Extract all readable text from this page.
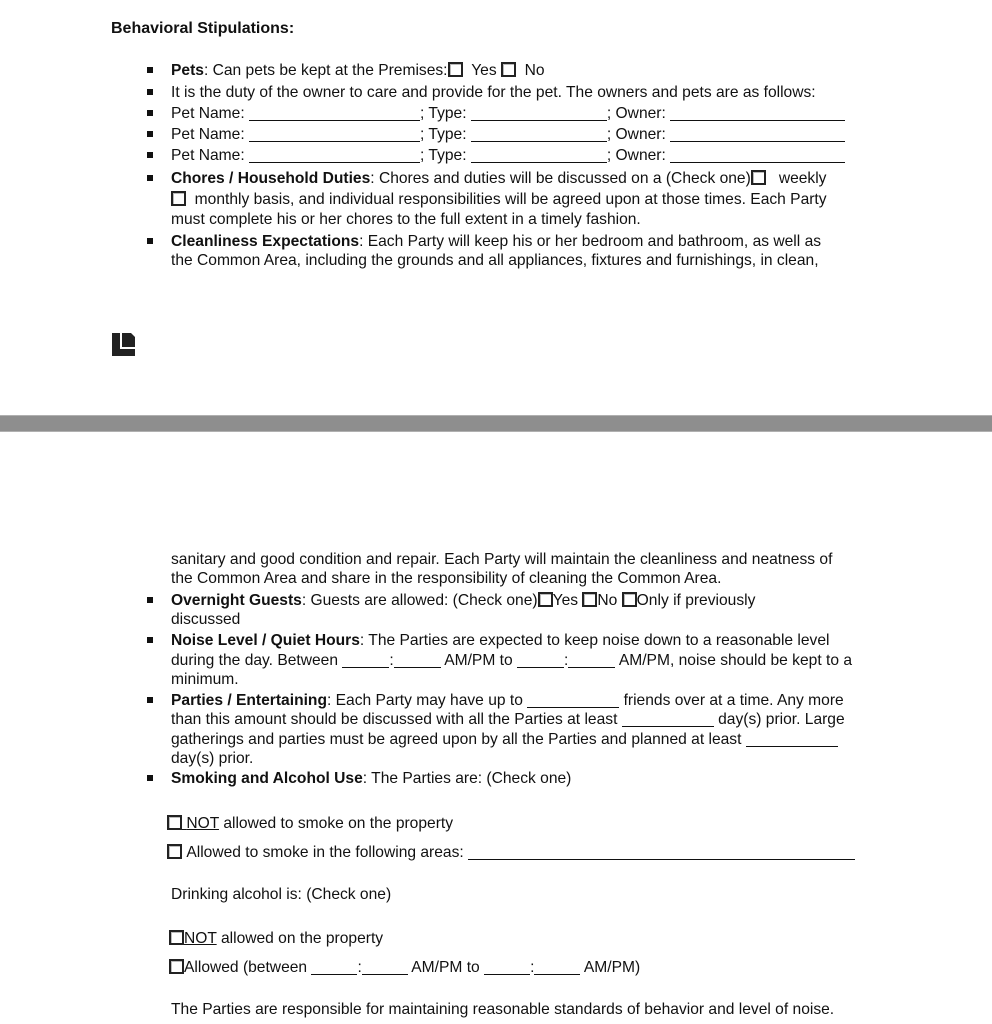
Behavioral Stipulations:
Pets: Can pets be kept at the Premises: Yes No
It is the duty of the owner to care and provide for the pet. The owners and pets are as follows:
Pet Name:	; Type:	; Owner:
Pet Name:	; Type:	; Owner:
Pet Name:	; Type:	; Owner:
Chores / Household Duties: Chores and duties will be discussed on a (Check one) weekly
monthly basis, and individual responsibilities will be agreed upon at those times. Each Party
must complete his or her chores to the full extent in a timely fashion.
Cleanliness Expectations: Each Party will keep his or her bedroom and bathroom, as well as
the Common Area, including the grounds and all appliances, fixtures and furnishings, in clean,
sanitary and good condition and repair. Each Party will maintain the cleanliness and neatness of
the Common Area and share in the responsibility of cleaning the Common Area.
Overnight Guests: Guests are allowed: (Check one) Yes No Only if previously
discussed
Noise Level / Quiet Hours: The Parties are expected to keep noise down to a reasonable level
during the day. Between	:	AM/PM to	:	AM/PM, noise should be kept to a
minimum.
Parties / Entertaining: Each Party may have up to	friends over at a time. Any more
than this amount should be discussed with all the Parties at least	day(s) prior. Large
gatherings and parties must be agreed upon by all the Parties and planned at least
day(s) prior.
Smoking and Alcohol Use: The Parties are: (Check one)
NOT allowed to smoke on the property
Allowed to smoke in the following areas:
Drinking alcohol is: (Check one)
NOT allowed on the property
Allowed (between	:	AM/PM to	:	AM/PM)
The Parties are responsible for maintaining reasonable standards of behavior and level of noise.
